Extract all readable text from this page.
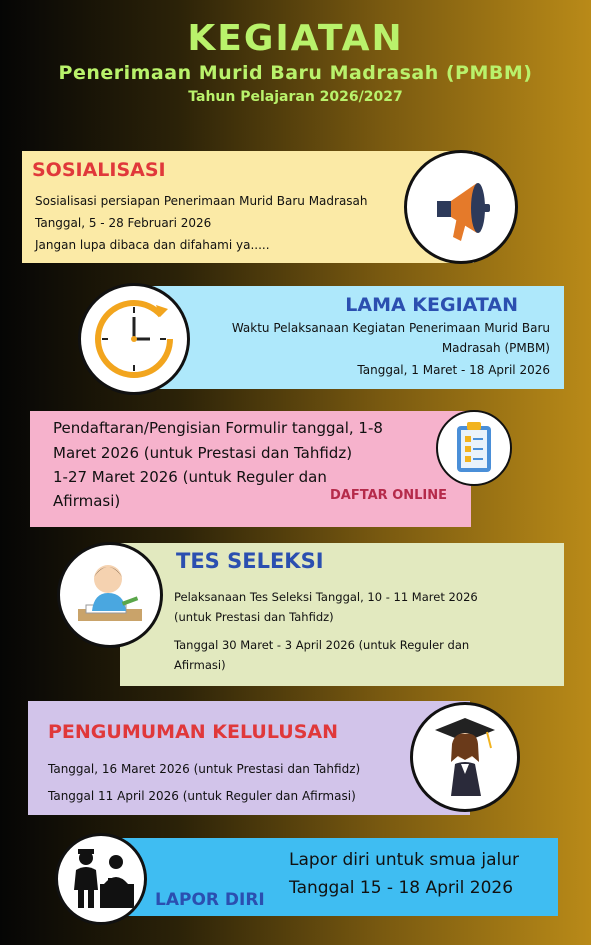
KEGIATAN
Penerimaan Murid Baru Madrasah (PMBM)
Tahun Pelajaran 2026/2027
SOSIALISASI
Sosialisasi persiapan Penerimaan Murid Baru Madrasah
Tanggal, 5 - 28 Februari 2026
Jangan lupa dibaca dan difahami ya.....
LAMA KEGIATAN
Waktu Pelaksanaan Kegiatan Penerimaan Murid Baru
Madrasah (PMBM)
Tanggal, 1 Maret - 18 April 2026
Pendaftaran/Pengisian Formulir tanggal, 1-8
Maret 2026 (untuk Prestasi dan Tahfidz)
1-27 Maret 2026 (untuk Reguler dan
Afirmasi)	DAFTAR ONLINE
TES SELEKSI
Pelaksanaan Tes Seleksi Tanggal, 10 - 11 Maret 2026
(untuk Prestasi dan Tahfidz)
Tanggal 30 Maret - 3 April 2026 (untuk Reguler dan
Afirmasi)
PENGUMUMAN KELULUSAN
Tanggal, 16 Maret 2026 (untuk Prestasi dan Tahfidz)
Tanggal 11 April 2026 (untuk Reguler dan Afirmasi)
LAPOR DIRI
Lapor diri untuk smua jalur
Tanggal 15 - 18 April 2026
